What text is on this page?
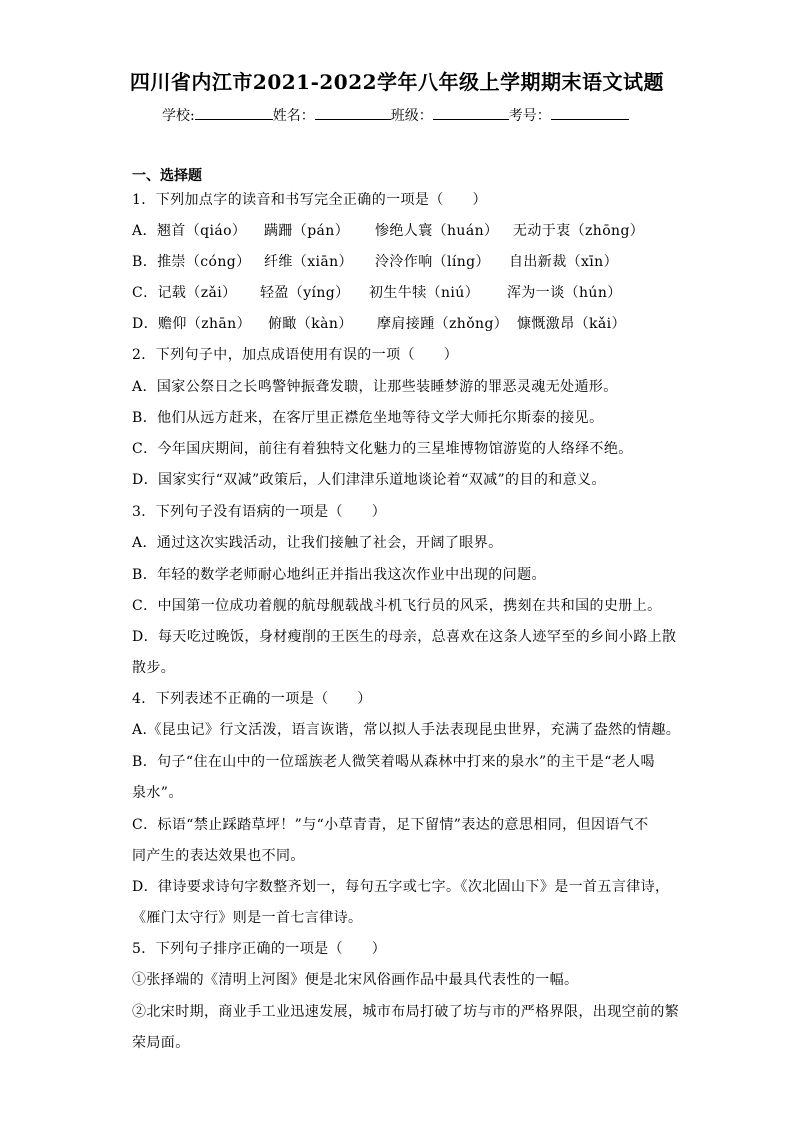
四川省内江市2021-2022学年八年级上学期期末语文试题
学校:	姓名：	班级：	考号：
一、选择题
1．下列加点字的读音和书写完全正确的一项是（　　）
A．翘首（qiáo） 蹒跚（pán） 惨绝人寰（huán） 无动于衷（zhōng）
B．推崇（cóng） 纤维（xiān） 泠泠作响（líng） 自出新裁（xīn）
C．记载（zǎi） 轻盈（yíng） 初生牛犊（niú） 浑为一谈（hún）
D．赡仰（zhān） 俯瞰（kàn） 摩肩接踵（zhǒng） 慷慨激昂（kǎi）
2．下列句子中，加点成语使用有误的一项（　　）
A．国家公祭日之长鸣警钟振聋发聩，让那些装睡梦游的罪恶灵魂无处遁形。
B．他们从远方赶来，在客厅里正襟危坐地等待文学大师托尔斯泰的接见。
C．今年国庆期间，前往有着独特文化魅力的三星堆博物馆游览的人络绎不绝。
D．国家实行“双减”政策后，人们津津乐道地谈论着“双减”的目的和意义。
3．下列句子没有语病的一项是（　　）
A．通过这次实践活动，让我们接触了社会，开阔了眼界。
B．年轻的数学老师耐心地纠正并指出我这次作业中出现的问题。
C．中国第一位成功着舰的航母舰载战斗机飞行员的风采，携刻在共和国的史册上。
D．每天吃过晚饭，身材瘦削的王医生的母亲，总喜欢在这条人迹罕至的乡间小路上散
散步。
4．下列表述不正确的一项是（　　）
A.《昆虫记》行文活泼，语言诙谐，常以拟人手法表现昆虫世界，充满了盎然的情趣。
B．句子“住在山中的一位瑶族老人微笑着喝从森林中打来的泉水”的主干是“老人喝
泉水”。
C．标语“禁止踩踏草坪！”与“小草青青，足下留情”表达的意思相同，但因语气不
同产生的表达效果也不同。
D．律诗要求诗句字数整齐划一，每句五字或七字。《次北固山下》是一首五言律诗，
《雁门太守行》则是一首七言律诗。
5．下列句子排序正确的一项是（　　）
①张择端的《清明上河图》便是北宋风俗画作品中最具代表性的一幅。
②北宋时期，商业手工业迅速发展，城市布局打破了坊与市的严格界限，出现空前的繁
荣局面。
